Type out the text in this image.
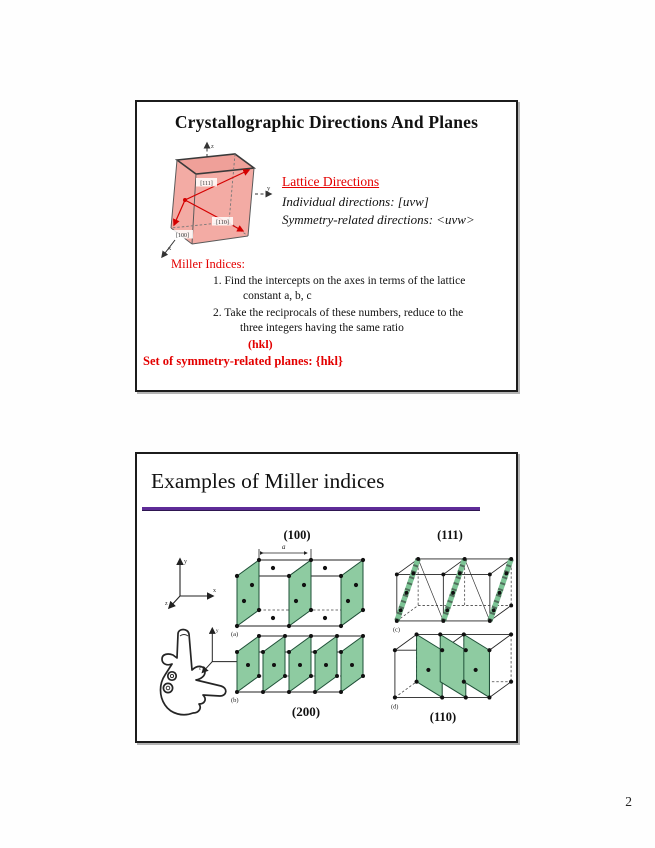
Crystallographic Directions And Planes
z
y
x
[111]
[110]
[100]
Lattice Directions
Individual directions: [uvw]
Symmetry-related directions: <uvw>
Miller Indices:
1. Find the intercepts on the axes in terms of the lattice
constant a, b, c
2. Take the reciprocals of these numbers, reduce to the
three integers having the same ratio
(hkl)
Set of symmetry-related planes: {hkl}
Examples of Miller indices
(100)	(111)
y
x
z
a
(a)
(c)
y
z
(b)
(d)
(200)	(110)
2
